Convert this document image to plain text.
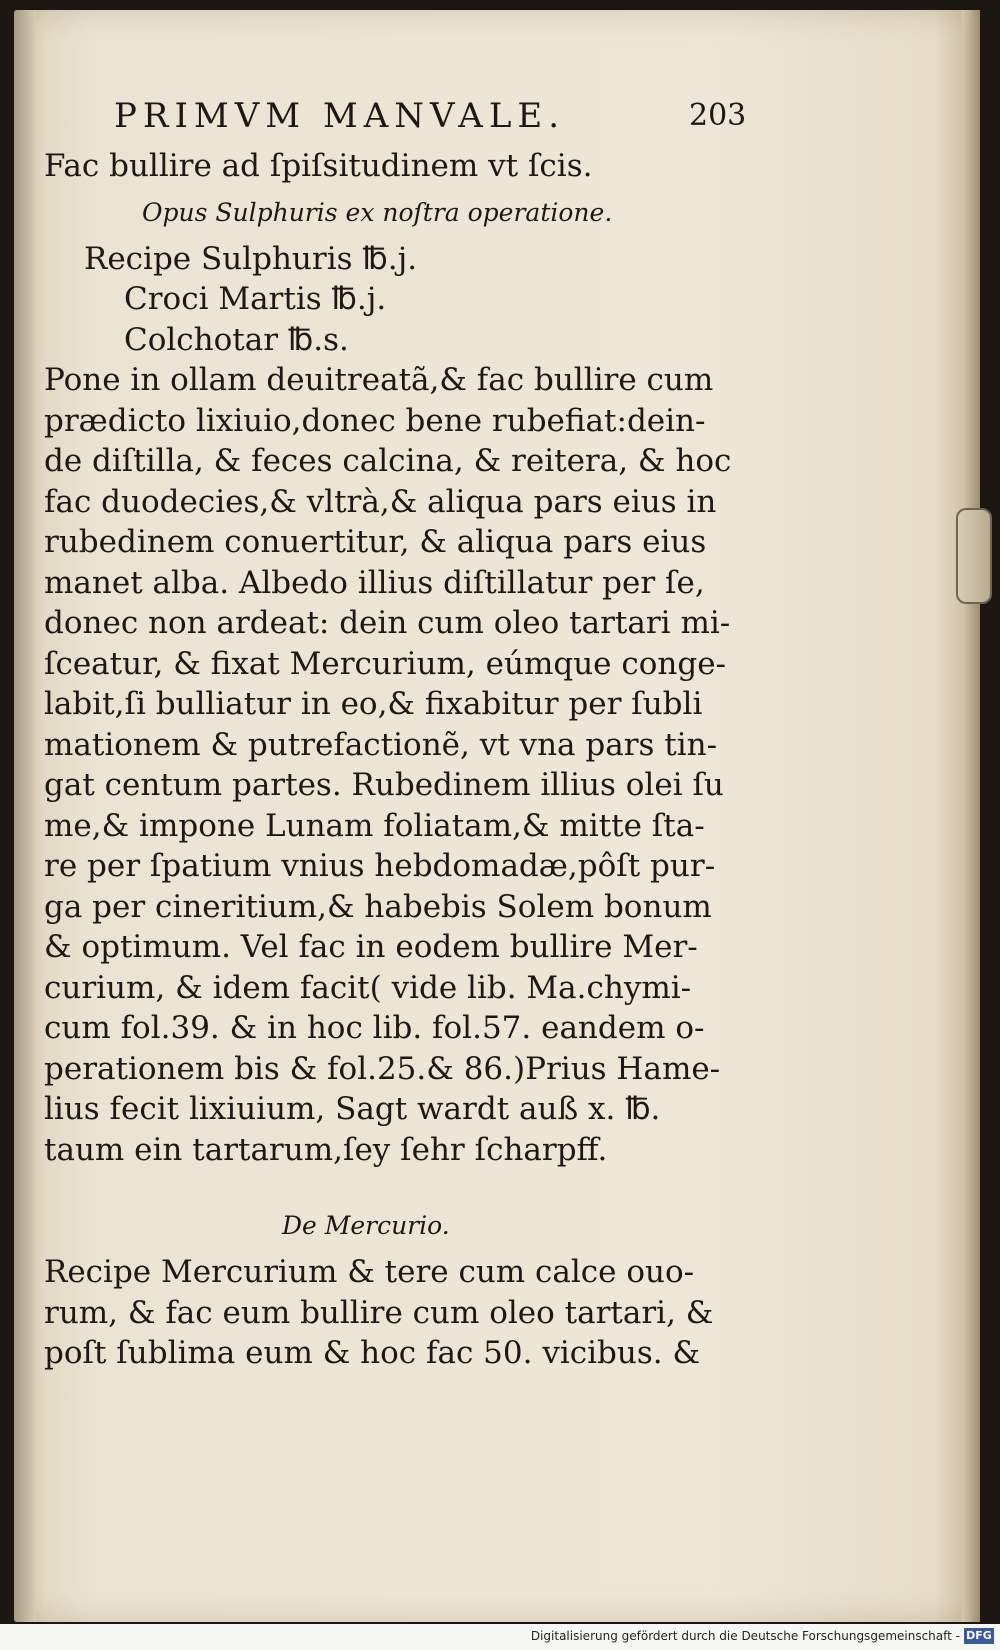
PRIMVM MANVALE.	203
Fac bullire ad ſpiſsitudinem vt ſcis.
Opus Sulphuris ex noſtra operatione.
Recipe Sulphuris ℔.j.
Croci Martis ℔.j.
Colchotar ℔.s.
Pone in ollam deuitreatã,& fac bullire cum
prædicto lixiuio,donec bene rubefiat:dein-
de diſtilla, & feces calcina, & reitera, & hoc
fac duodecies,& vltrà,& aliqua pars eius in
rubedinem conuertitur, & aliqua pars eius
manet alba. Albedo illius diſtillatur per ſe,
donec non ardeat: dein cum oleo tartari mi-
ſceatur, & fixat Mercurium, eúmque conge-
labit,ſi bulliatur in eo,& fixabitur per ſubli
mationem & putrefactionẽ, vt vna pars tin-
gat centum partes. Rubedinem illius olei ſu
me,& impone Lunam foliatam,& mitte ſta-
re per ſpatium vnius hebdomadæ,pôſt pur-
ga per cineritium,& habebis Solem bonum
& optimum. Vel fac in eodem bullire Mer-
curium, & idem facit( vide lib. Ma.chymi-
cum fol.39. & in hoc lib. fol.57. eandem o-
perationem bis & fol.25.& 86.)Prius Hame-
lius fecit lixiuium, Sagt wardt auß x. ℔.
taum ein tartarum,ſey ſehr ſcharpff.
De Mercurio.
Recipe Mercurium & tere cum calce ouo-
rum, & fac eum bullire cum oleo tartari, &
poſt ſublima eum & hoc fac 50. vicibus. &
Digitalisierung gefördert durch die Deutsche Forschungsgemeinschaft - DFG
